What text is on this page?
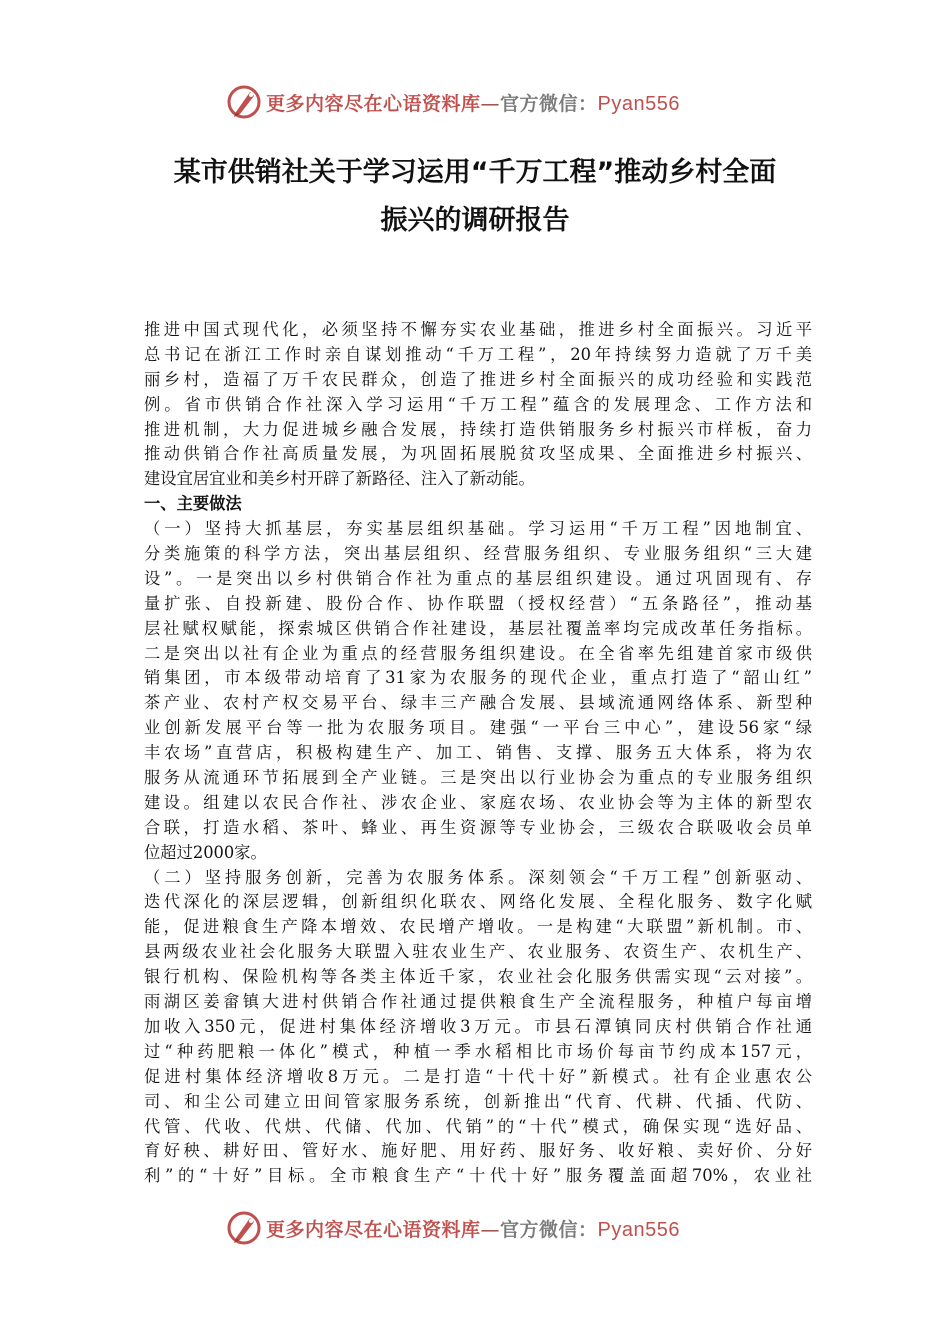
更多内容尽在心语资料库—官方微信：Pyan556
某市供销社关于学习运用“千万工程”推动乡村全面
振兴的调研报告
推进中国式现代化，必须坚持不懈夯实农业基础，推进乡村全面振兴。习近平
总书记在浙江工作时亲自谋划推动“千万工程”，20年持续努力造就了万千美
丽乡村，造福了万千农民群众，创造了推进乡村全面振兴的成功经验和实践范
例。省市供销合作社深入学习运用“千万工程”蕴含的发展理念、工作方法和
推进机制，大力促进城乡融合发展，持续打造供销服务乡村振兴市样板，奋力
推动供销合作社高质量发展，为巩固拓展脱贫攻坚成果、全面推进乡村振兴、
建设宜居宜业和美乡村开辟了新路径、注入了新动能。
一、主要做法
（一）坚持大抓基层，夯实基层组织基础。学习运用“千万工程”因地制宜、
分类施策的科学方法，突出基层组织、经营服务组织、专业服务组织“三大建
设”。一是突出以乡村供销合作社为重点的基层组织建设。通过巩固现有、存
量扩张、自投新建、股份合作、协作联盟（授权经营）“五条路径”，推动基
层社赋权赋能，探索城区供销合作社建设，基层社覆盖率均完成改革任务指标。
二是突出以社有企业为重点的经营服务组织建设。在全省率先组建首家市级供
销集团，市本级带动培育了31家为农服务的现代企业，重点打造了“韶山红”
茶产业、农村产权交易平台、绿丰三产融合发展、县域流通网络体系、新型种
业创新发展平台等一批为农服务项目。建强“一平台三中心”，建设56家“绿
丰农场”直营店，积极构建生产、加工、销售、支撑、服务五大体系，将为农
服务从流通环节拓展到全产业链。三是突出以行业协会为重点的专业服务组织
建设。组建以农民合作社、涉农企业、家庭农场、农业协会等为主体的新型农
合联，打造水稻、茶叶、蜂业、再生资源等专业协会，三级农合联吸收会员单
位超过2000家。
（二）坚持服务创新，完善为农服务体系。深刻领会“千万工程”创新驱动、
迭代深化的深层逻辑，创新组织化联农、网络化发展、全程化服务、数字化赋
能，促进粮食生产降本增效、农民增产增收。一是构建“大联盟”新机制。市、
县两级农业社会化服务大联盟入驻农业生产、农业服务、农资生产、农机生产、
银行机构、保险机构等各类主体近千家，农业社会化服务供需实现“云对接”。
雨湖区姜畲镇大进村供销合作社通过提供粮食生产全流程服务，种植户每亩增
加收入350元，促进村集体经济增收3万元。市县石潭镇同庆村供销合作社通
过“种药肥粮一体化”模式，种植一季水稻相比市场价每亩节约成本157元，
促进村集体经济增收8万元。二是打造“十代十好”新模式。社有企业惠农公
司、和尘公司建立田间管家服务系统，创新推出“代育、代耕、代插、代防、
代管、代收、代烘、代储、代加、代销”的“十代”模式，确保实现“选好品、
育好秧、耕好田、管好水、施好肥、用好药、服好务、收好粮、卖好价、分好
利”的“十好”目标。全市粮食生产“十代十好”服务覆盖面超70%，农业社
更多内容尽在心语资料库—官方微信：Pyan556
